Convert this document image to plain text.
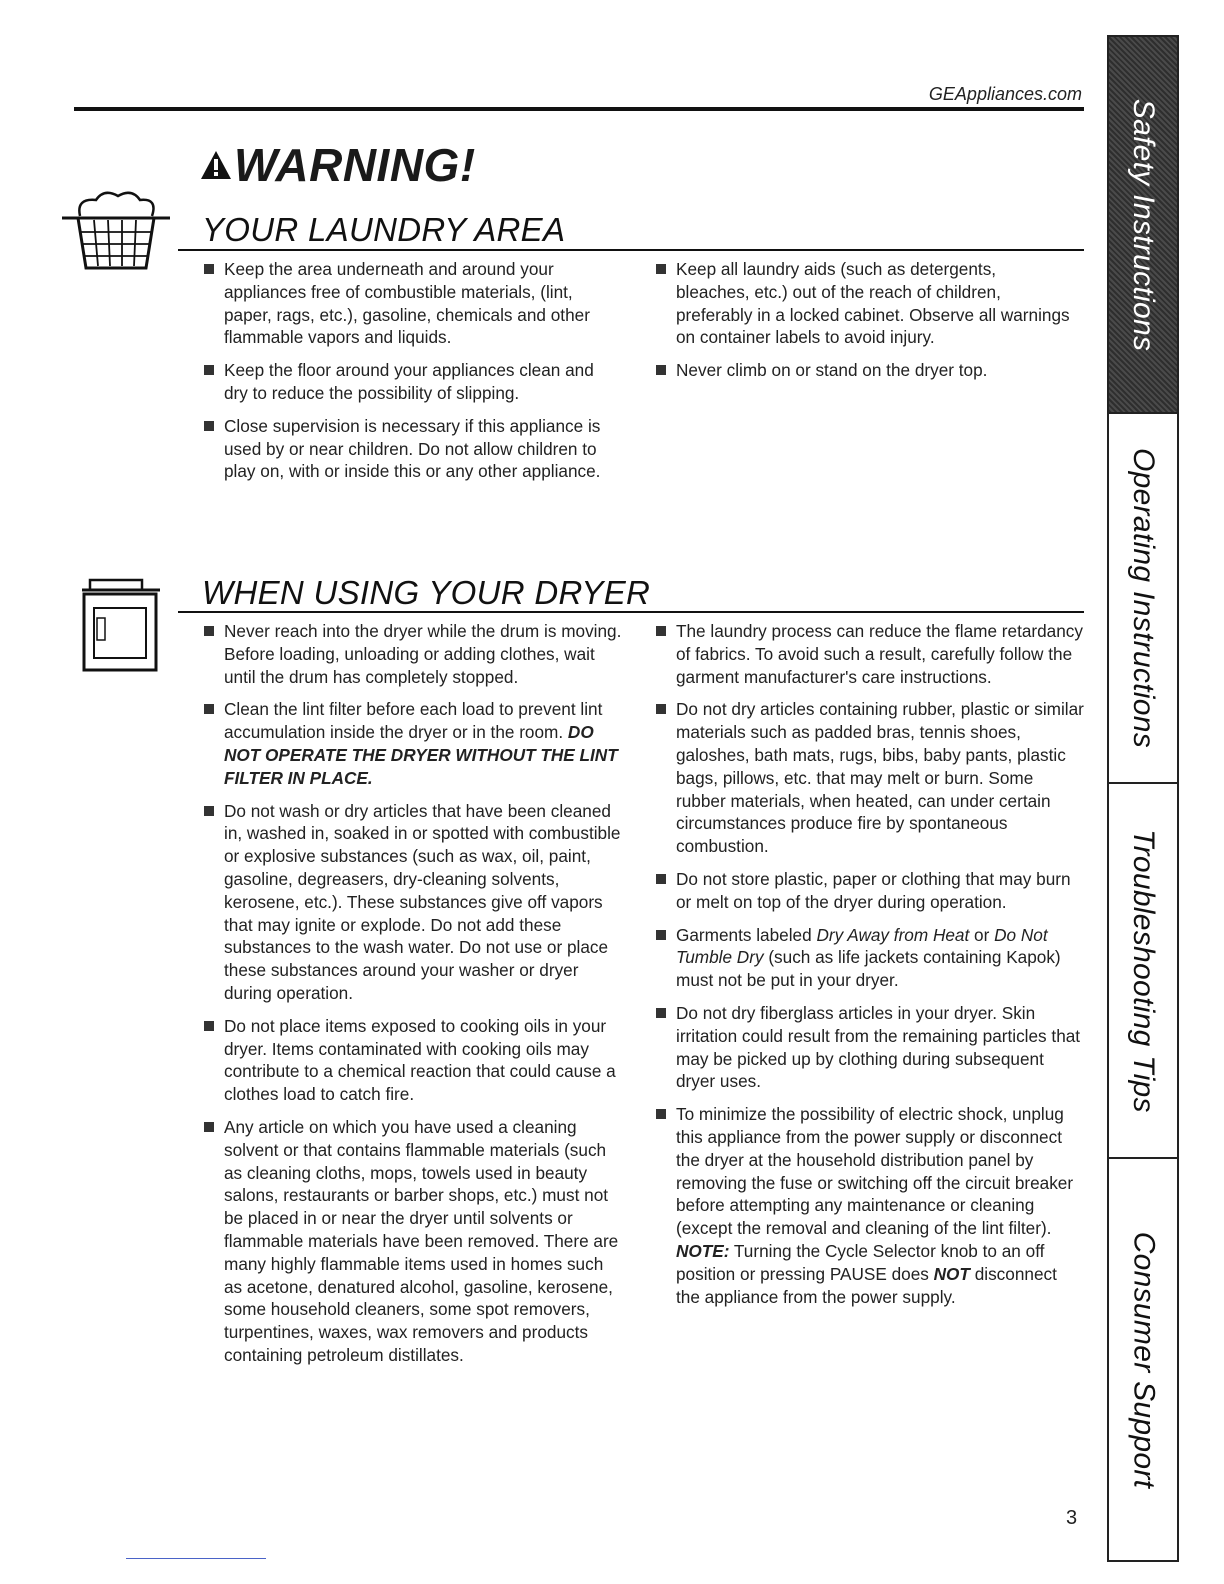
GEAppliances.com
WARNING!
YOUR LAUNDRY AREA

Keep the area underneath and around your appliances free of combustible materials, (lint, paper, rags, etc.), gasoline, chemicals and other flammable vapors and liquids.

Keep the floor around your appliances clean and dry to reduce the possibility of slipping.

Close supervision is necessary if this appliance is used by or near children. Do not allow children to play on, with or inside this or any other appliance.

Keep all laundry aids (such as detergents, bleaches, etc.) out of the reach of children, preferably in a locked cabinet. Observe all warnings on container labels to avoid injury.

Never climb on or stand on the dryer top.

WHEN USING YOUR DRYER

Never reach into the dryer while the drum is moving. Before loading, unloading or adding clothes, wait until the drum has completely stopped.

Clean the lint filter before each load to prevent lint accumulation inside the dryer or in the room. DO NOT OPERATE THE DRYER WITHOUT THE LINT FILTER IN PLACE.

Do not wash or dry articles that have been cleaned in, washed in, soaked in or spotted with combustible or explosive substances (such as wax, oil, paint, gasoline, degreasers, dry-cleaning solvents, kerosene, etc.). These substances give off vapors that may ignite or explode. Do not add these substances to the wash water. Do not use or place these substances around your washer or dryer during operation.

Do not place items exposed to cooking oils in your dryer. Items contaminated with cooking oils may contribute to a chemical reaction that could cause a clothes load to catch fire.

Any article on which you have used a cleaning solvent or that contains flammable materials (such as cleaning cloths, mops, towels used in beauty salons, restaurants or barber shops, etc.) must not be placed in or near the dryer until solvents or flammable materials have been removed. There are many highly flammable items used in homes such as acetone, denatured alcohol, gasoline, kerosene, some household cleaners, some spot removers, turpentines, waxes, wax removers and products containing petroleum distillates.

The laundry process can reduce the flame retardancy of fabrics. To avoid such a result, carefully follow the garment manufacturer's care instructions.

Do not dry articles containing rubber, plastic or similar materials such as padded bras, tennis shoes, galoshes, bath mats, rugs, bibs, baby pants, plastic bags, pillows, etc. that may melt or burn. Some rubber materials, when heated, can under certain circumstances produce fire by spontaneous combustion.

Do not store plastic, paper or clothing that may burn or melt on top of the dryer during operation.

Garments labeled Dry Away from Heat or Do Not Tumble Dry (such as life jackets containing Kapok) must not be put in your dryer.

Do not dry fiberglass articles in your dryer. Skin irritation could result from the remaining particles that may be picked up by clothing during subsequent dryer uses.

To minimize the possibility of electric shock, unplug this appliance from the power supply or disconnect the dryer at the household distribution panel by removing the fuse or switching off the circuit breaker before attempting any maintenance or cleaning (except the removal and cleaning of the lint filter). NOTE: Turning the Cycle Selector knob to an off position or pressing PAUSE does NOT disconnect the appliance from the power supply.

Safety Instructions
Operating Instructions
Troubleshooting Tips
Consumer Support
3
